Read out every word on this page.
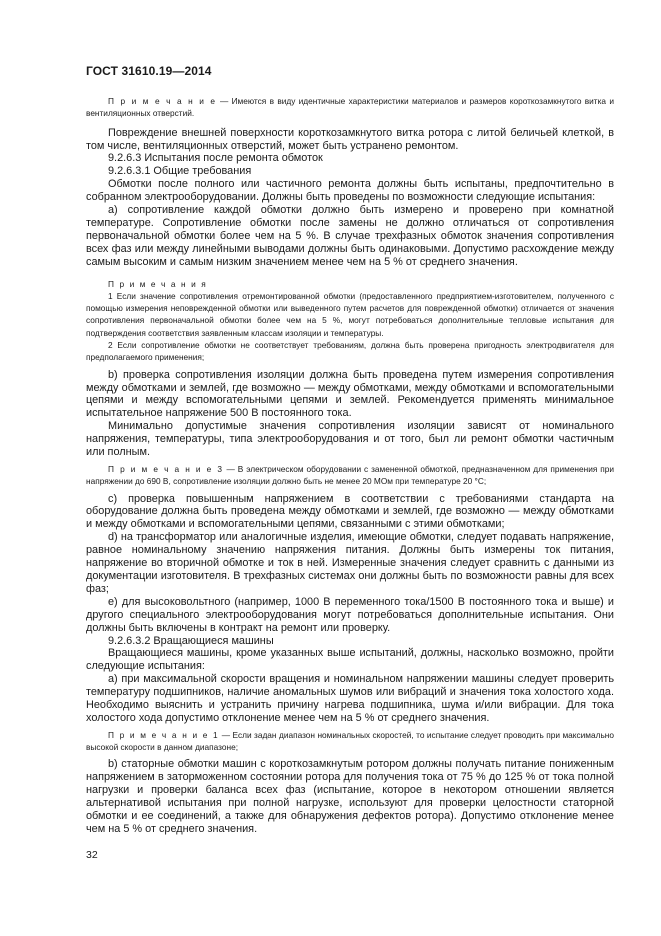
ГОСТ 31610.19—2014

П р и м е ч а н и е — Имеются в виду идентичные характеристики материалов и размеров короткозамкнутого витка и вентиляционных отверстий.

Повреждение внешней поверхности короткозамкнутого витка ротора с литой беличьей клеткой, в том числе, вентиляционных отверстий, может быть устранено ремонтом.

9.2.6.3 Испытания после ремонта обмоток

9.2.6.3.1 Общие требования

Обмотки после полного или частичного ремонта должны быть испытаны, предпочтительно в собранном электрооборудовании. Должны быть проведены по возможности следующие испытания:

а) сопротивление каждой обмотки должно быть измерено и проверено при комнатной температуре. Сопротивление обмотки после замены не должно отличаться от сопротивления первоначальной обмотки более чем на 5 %. В случае трехфазных обмоток значения сопротивления всех фаз или между линейными выводами должны быть одинаковыми. Допустимо расхождение между самым высоким и самым низким значением менее чем на 5 % от среднего значения.

П р и м е ч а н и я

1 Если значение сопротивления отремонтированной обмотки (предоставленного предприятием-изготовителем, полученного с помощью измерения неповрежденной обмотки или выведенного путем расчетов для поврежденной обмотки) отличается от значения сопротивления первоначальной обмотки более чем на 5 %, могут потребоваться дополнительные тепловые испытания для подтверждения соответствия заявленным классам изоляции и температуры.

2 Если сопротивление обмотки не соответствует требованиям, должна быть проверена пригодность электродвигателя для предполагаемого применения;

b) проверка сопротивления изоляции должна быть проведена путем измерения сопротивления между обмотками и землей, где возможно — между обмотками, между обмотками и вспомогательными цепями и между вспомогательными цепями и землей. Рекомендуется применять минимальное испытательное напряжение 500 В постоянного тока.

Минимально допустимые значения сопротивления изоляции зависят от номинального напряжения, температуры, типа электрооборудования и от того, был ли ремонт обмотки частичным или полным.

П р и м е ч а н и е 3 — В электрическом оборудовании с замененной обмоткой, предназначенном для применения при напряжении до 690 В, сопротивление изоляции должно быть не менее 20 МОм при температуре 20 °С;

с) проверка повышенным напряжением в соответствии с требованиями стандарта на оборудование должна быть проведена между обмотками и землей, где возможно — между обмотками и между обмотками и вспомогательными цепями, связанными с этими обмотками;

d) на трансформатор или аналогичные изделия, имеющие обмотки, следует подавать напряжение, равное номинальному значению напряжения питания. Должны быть измерены ток питания, напряжение во вторичной обмотке и ток в ней. Измеренные значения следует сравнить с данными из документации изготовителя. В трехфазных системах они должны быть по возможности равны для всех фаз;

е) для высоковольтного (например, 1000 В переменного тока/1500 В постоянного тока и выше) и другого специального электрооборудования могут потребоваться дополнительные испытания. Они должны быть включены в контракт на ремонт или проверку.

9.2.6.3.2 Вращающиеся машины

Вращающиеся машины, кроме указанных выше испытаний, должны, насколько возможно, пройти следующие испытания:

а) при максимальной скорости вращения и номинальном напряжении машины следует проверить температуру подшипников, наличие аномальных шумов или вибраций и значения тока холостого хода. Необходимо выяснить и устранить причину нагрева подшипника, шума и/или вибрации. Для тока холостого хода допустимо отклонение менее чем на 5 % от среднего значения.

П р и м е ч а н и е 1 — Если задан диапазон номинальных скоростей, то испытание следует проводить при максимально высокой скорости в данном диапазоне;

b) статорные обмотки машин с короткозамкнутым ротором должны получать питание пониженным напряжением в заторможенном состоянии ротора для получения тока от 75 % до 125 % от тока полной нагрузки и проверки баланса всех фаз (испытание, которое в некотором отношении является альтернативой испытания при полной нагрузке, используют для проверки целостности статорной обмотки и ее соединений, а также для обнаружения дефектов ротора). Допустимо отклонение менее чем на 5 % от среднего значения.

32
